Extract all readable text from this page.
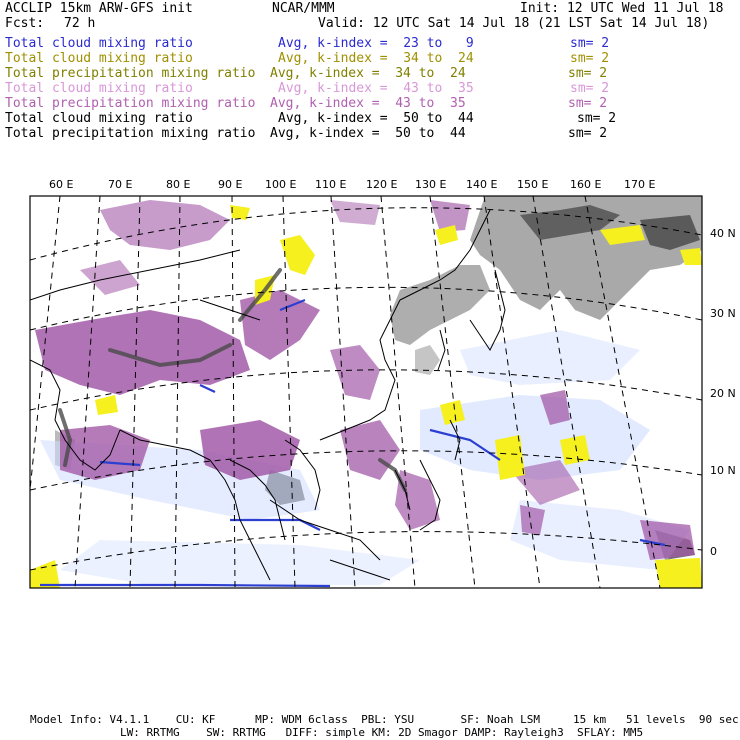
ACCLIP 15km ARW-GFS init	NCAR/MMM	Init: 12 UTC Wed 11 Jul 18
Fcst: 72 h	Valid: 12 UTC Sat 14 Jul 18 (21 LST Sat 14 Jul 18)
Total cloud mixing ratio	Avg, k-index =  23 to   9	sm= 2
Total cloud mixing ratio	Avg, k-index =  34 to  24	sm= 2
Total precipitation mixing ratio Avg, k-index =  34 to  24	sm= 2
Total cloud mixing ratio	Avg, k-index =  43 to  35	sm= 2
Total precipitation mixing ratio Avg, k-index =  43 to  35	sm= 2
Total cloud mixing ratio	Avg, k-index =  50 to  44	sm= 2
Total precipitation mixing ratio Avg, k-index =  50 to  44	sm= 2
60 E	70 E	80 E	90 E 100 E 110 E 120 E 130 E 140 E 150 E 160 E 170 E
40 N
30 N
20 N
10 N
0
Model Info: V4.1.1    CU: KF      MP: WDM 6class  PBL: YSU       SF: Noah LSM     15 km   51 levels  90 sec
LW: RRTMG    SW: RRTMG   DIFF: simple KM: 2D Smagor DAMP: Rayleigh3  SFLAY: MM5
